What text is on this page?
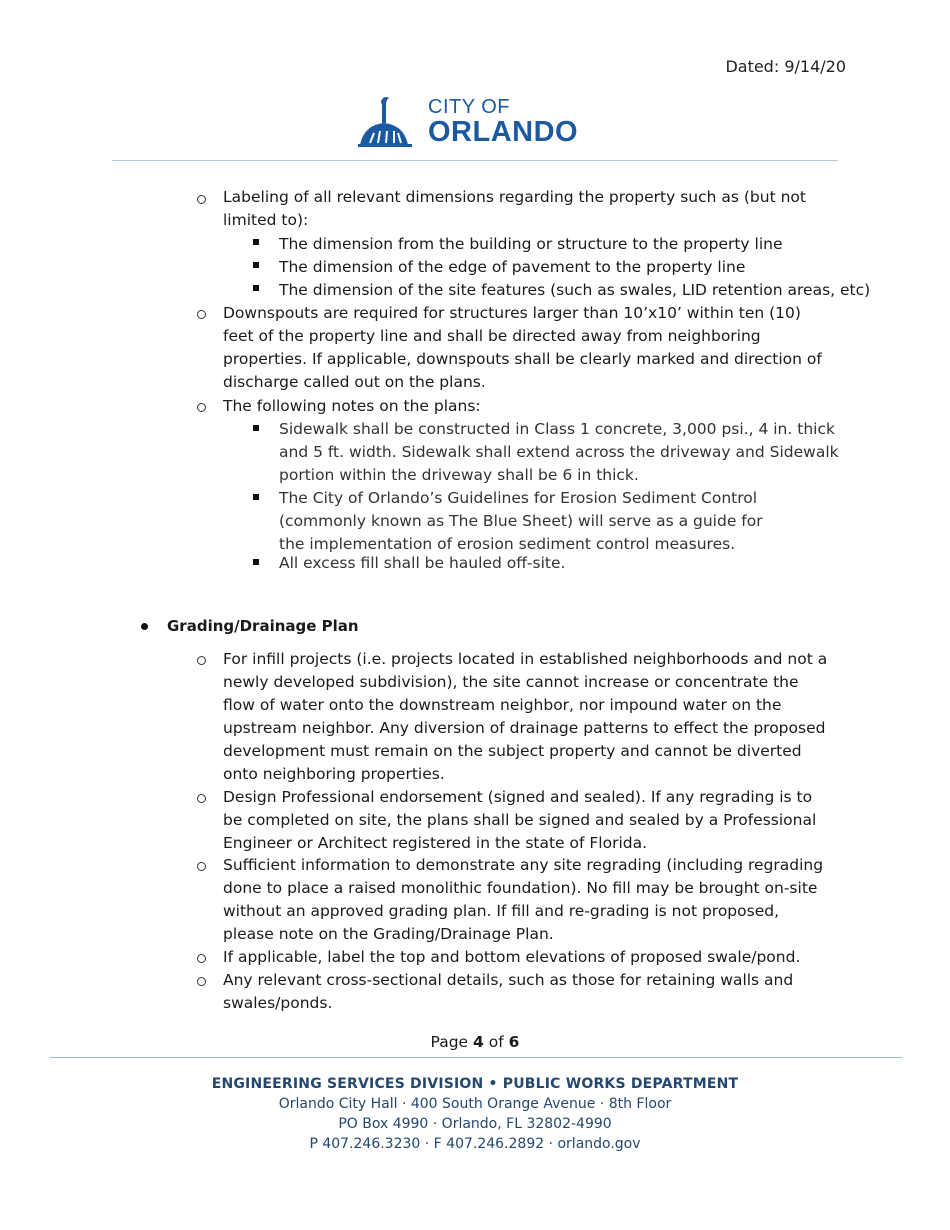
Dated: 9/14/20
CITY OF
ORLANDO
Labeling of all relevant dimensions regarding the property such as (but not limited to):
The dimension from the building or structure to the property line
The dimension of the edge of pavement to the property line
The dimension of the site features (such as swales, LID retention areas, etc)
Downspouts are required for structures larger than 10’x10’ within ten (10) feet of the property line and shall be directed away from neighboring properties. If applicable, downspouts shall be clearly marked and direction of discharge called out on the plans.
The following notes on the plans:
Sidewalk shall be constructed in Class 1 concrete, 3,000 psi., 4 in. thick and 5 ft. width. Sidewalk shall extend across the driveway and Sidewalk portion within the driveway shall be 6 in thick.
The City of Orlando’s Guidelines for Erosion Sediment Control (commonly known as The Blue Sheet) will serve as a guide for the implementation of erosion sediment control measures.
All excess fill shall be hauled off-site.
Grading/Drainage Plan
For infill projects (i.e. projects located in established neighborhoods and not a newly developed subdivision), the site cannot increase or concentrate the flow of water onto the downstream neighbor, nor impound water on the upstream neighbor. Any diversion of drainage patterns to effect the proposed development must remain on the subject property and cannot be diverted onto neighboring properties.
Design Professional endorsement (signed and sealed). If any regrading is to be completed on site, the plans shall be signed and sealed by a Professional Engineer or Architect registered in the state of Florida.
Sufficient information to demonstrate any site regrading (including regrading done to place a raised monolithic foundation). No fill may be brought on-site without an approved grading plan. If fill and re-grading is not proposed, please note on the Grading/Drainage Plan.
If applicable, label the top and bottom elevations of proposed swale/pond.
Any relevant cross-sectional details, such as those for retaining walls and swales/ponds.
Page 4 of 6
ENGINEERING SERVICES DIVISION • PUBLIC WORKS DEPARTMENT
Orlando City Hall · 400 South Orange Avenue · 8th Floor
PO Box 4990 · Orlando, FL 32802-4990
P 407.246.3230 · F 407.246.2892 · orlando.gov
